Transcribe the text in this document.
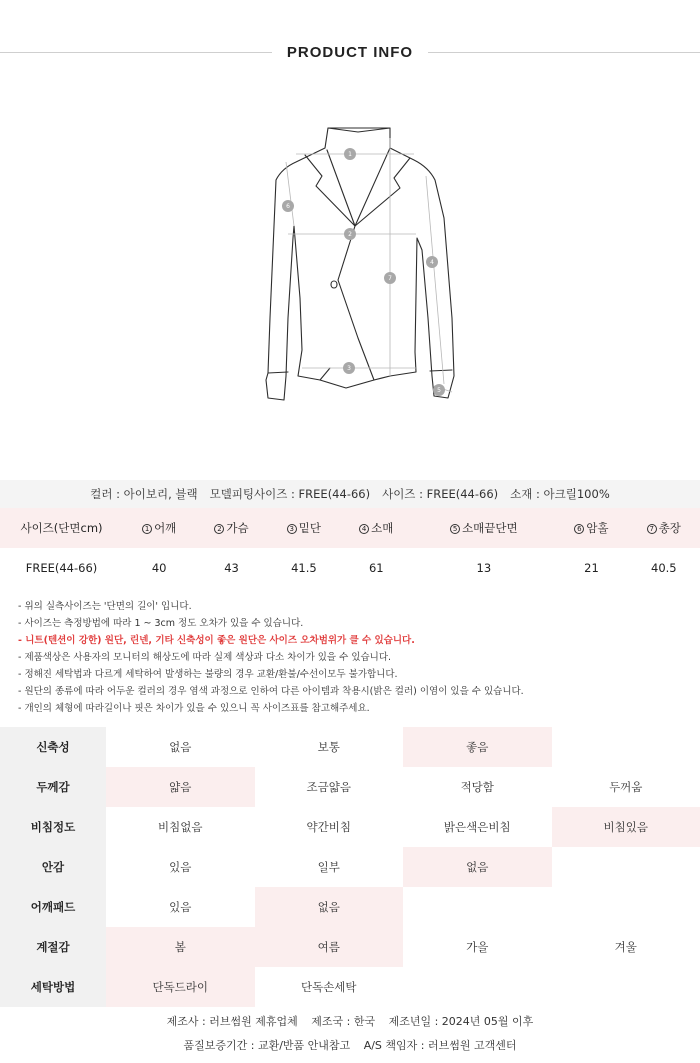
PRODUCT INFO
1
2
3
4
5
6
7
컬러 : 아이보리, 블랙 모델피팅사이즈 : FREE(44-66) 사이즈 : FREE(44-66) 소재 : 아크릴100%
사이즈(단면cm)	1 어깨	2 가슴	3 밑단	4 소매	5 소매끝단면	6 암홀	7 총장
FREE(44-66)	40	43	41.5	61	13	21	40.5
- 위의 실측사이즈는 '단면의 길이' 입니다.
- 사이즈는 측정방법에 따라 1 ~ 3cm 정도 오차가 있을 수 있습니다.
- 니트(텐션이 강한) 원단, 린넨, 기타 신축성이 좋은 원단은 사이즈 오차범위가 클 수 있습니다.
- 제품색상은 사용자의 모니터의 해상도에 따라 실제 색상과 다소 차이가 있을 수 있습니다.
- 정해진 세탁법과 다르게 세탁하여 발생하는 불량의 경우 교환/환불/수선이모두 불가합니다.
- 원단의 종류에 따라 어두운 컬러의 경우 염색 과정으로 인하여 다른 아이템과 착용시(밝은 컬러) 이염이 있을 수 있습니다.
- 개인의 체형에 따라길이나 핏은 차이가 있을 수 있으니 꼭 사이즈표를 참고해주세요.
신축성	없음	보통	좋음	
두께감	얇음	조금얇음	적당함	두꺼움
비침정도	비침없음	약간비침	밝은색은비침	비침있음
안감	있음	일부	없음	
어깨패드	있음	없음		
계절감	봄	여름	가을	겨울
세탁방법	단독드라이	단독손세탁		
제조사 : 러브썸원 제휴업체 제조국 : 한국 제조년일 : 2024년 05월 이후
품질보증기간 : 교환/반품 안내참고 A/S 책임자 : 러브썸원 고객센터
